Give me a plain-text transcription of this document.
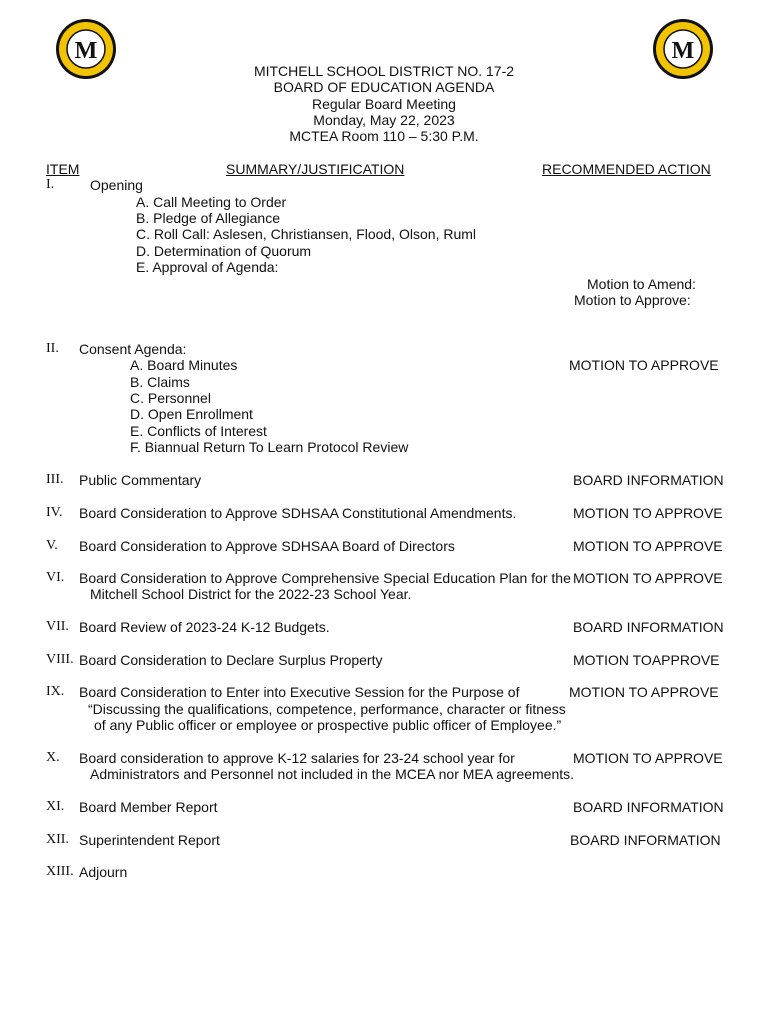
M	M
MITCHELL SCHOOL DISTRICT NO. 17-2
BOARD OF EDUCATION AGENDA
Regular Board Meeting
Monday, May 22, 2023
MCTEA Room 110 – 5:30 P.M.
ITEM	SUMMARY/JUSTIFICATION	RECOMMENDED ACTION
I.	Opening
A. Call Meeting to Order
B. Pledge of Allegiance
C. Roll Call: Aslesen, Christiansen, Flood, Olson, Ruml
D. Determination of Quorum
E. Approval of Agenda:
Motion to Amend:
Motion to Approve:
II. Consent Agenda:
A. Board Minutes	MOTION TO APPROVE
B. Claims
C. Personnel
D. Open Enrollment
E. Conflicts of Interest
F. Biannual Return To Learn Protocol Review
III. Public Commentary	BOARD INFORMATION
IV. Board Consideration to Approve SDHSAA Constitutional Amendments.	MOTION TO APPROVE
V. Board Consideration to Approve SDHSAA Board of Directors	MOTION TO APPROVE
VI. Board Consideration to Approve Comprehensive Special Education Plan for the
Mitchell School District for the 2022-23 School Year.
MOTION TO APPROVE
VII. Board Review of 2023-24 K-12 Budgets.	BOARD INFORMATION
VIII. Board Consideration to Declare Surplus Property	MOTION TOAPPROVE
IX. Board Consideration to Enter into Executive Session for the Purpose of
“Discussing the qualifications, competence, performance, character or fitness
of any Public officer or employee or prospective public officer of Employee.”
MOTION TO APPROVE
X. Board consideration to approve K-12 salaries for 23-24 school year for
Administrators and Personnel not included in the MCEA nor MEA agreements.
MOTION TO APPROVE
XI. Board Member Report	BOARD INFORMATION
XII. Superintendent Report	BOARD INFORMATION
XIII. Adjourn
